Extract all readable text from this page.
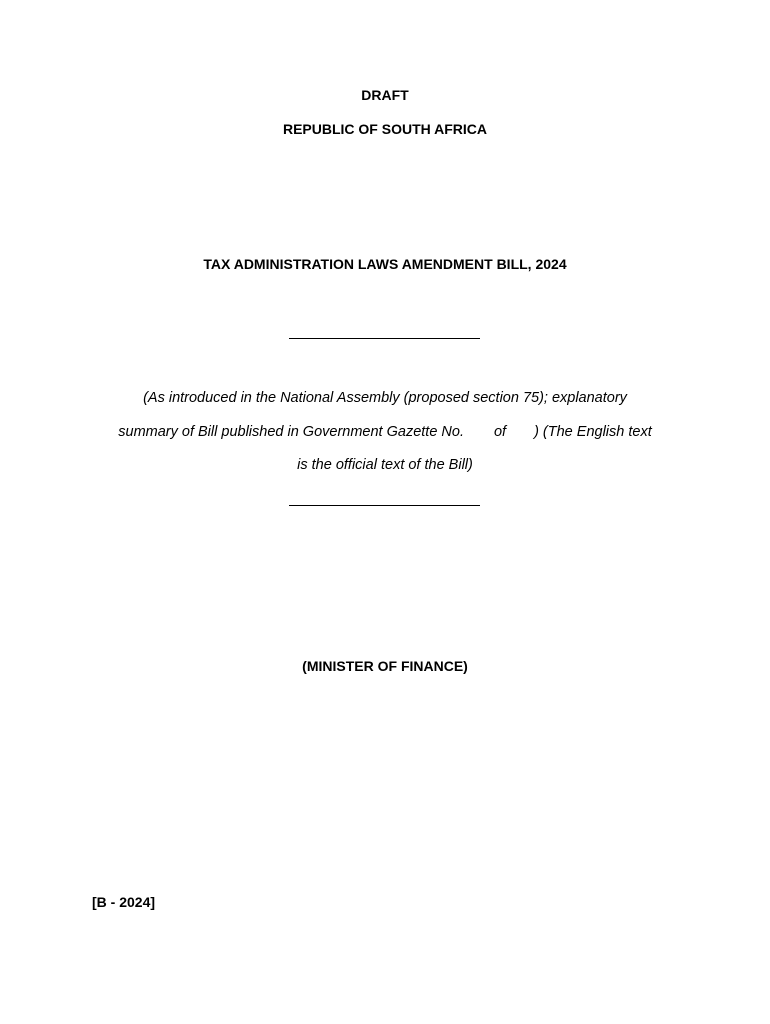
DRAFT
REPUBLIC OF SOUTH AFRICA
TAX ADMINISTRATION LAWS AMENDMENT BILL, 2024
(As introduced in the National Assembly (proposed section 75); explanatory
summary of Bill published in Government Gazette No. of ) (The English text
is the official text of the Bill)
(MINISTER OF FINANCE)
[B - 2024]
